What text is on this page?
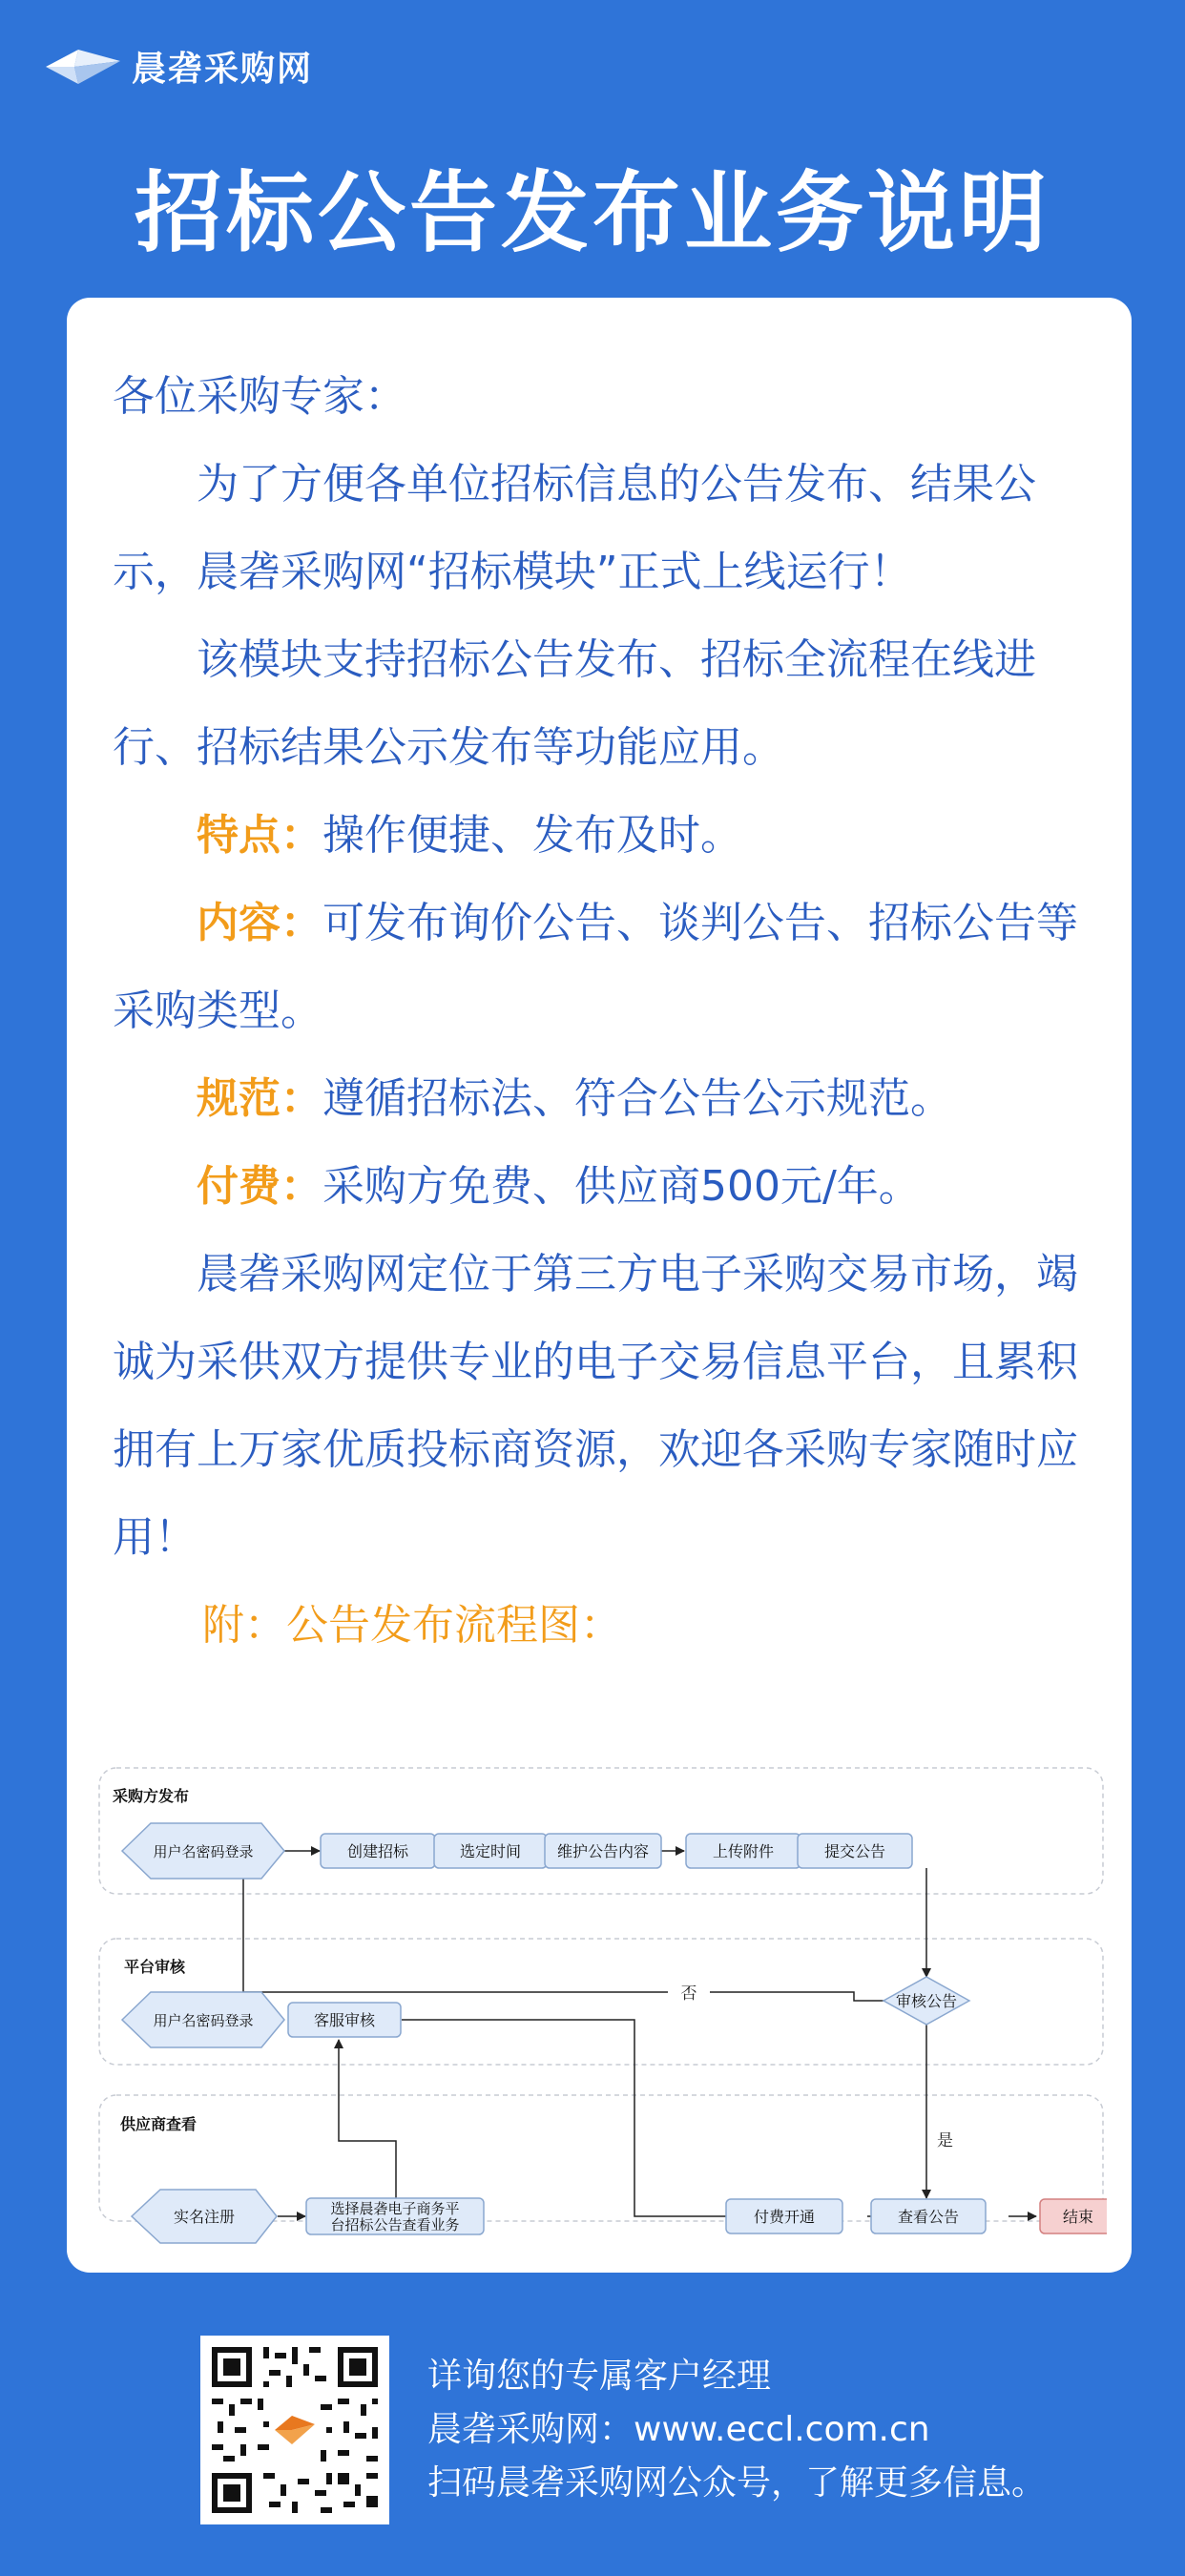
晨砻采购网
招标公告发布业务说明

各位采购专家：

为了方便各单位招标信息的公告发布、结果公示，晨砻采购网“招标模块”正式上线运行！

该模块支持招标公告发布、招标全流程在线进行、招标结果公示发布等功能应用。

特点：操作便捷、发布及时。

内容：可发布询价公告、谈判公告、招标公告等采购类型。

规范：遵循招标法、符合公告公示规范。

付费：采购方免费、供应商500元/年。

晨砻采购网定位于第三方电子采购交易市场，竭诚为采供双方提供专业的电子交易信息平台，且累积拥有上万家优质投标商资源，欢迎各采购专家随时应用！

附：公告发布流程图：

采购方发布
平台审核
供应商查看
否
是
用户名密码登录	创建招标	选定时间 维护公告内容	上传附件	提交公告
用户名密码登录	客服审核
审核公告
实名注册	选择晨砻电子商务平
台招标公告查看业务	付费开通	查看公告	结束
详询您的专属客户经理
晨砻采购网：www.eccl.com.cn
扫码晨砻采购网公众号，了解更多信息。
